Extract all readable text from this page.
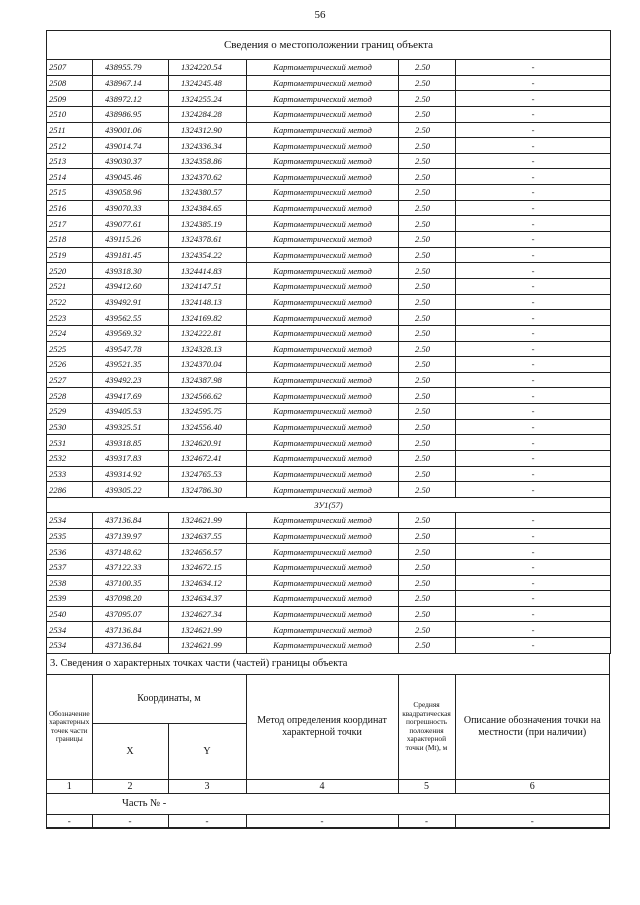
56
Сведения о местоположении границ объекта					
2507	438955.79	1324220.54	Картометрический метод	2.50	-
2508	438967.14	1324245.48	Картометрический метод	2.50	-
2509	438972.12	1324255.24	Картометрический метод	2.50	-
2510	438986.95	1324284.28	Картометрический метод	2.50	-
2511	439001.06	1324312.90	Картометрический метод	2.50	-
2512	439014.74	1324336.34	Картометрический метод	2.50	-
2513	439030.37	1324358.86	Картометрический метод	2.50	-
2514	439045.46	1324370.62	Картометрический метод	2.50	-
2515	439058.96	1324380.57	Картометрический метод	2.50	-
2516	439070.33	1324384.65	Картометрический метод	2.50	-
2517	439077.61	1324385.19	Картометрический метод	2.50	-
2518	439115.26	1324378.61	Картометрический метод	2.50	-
2519	439181.45	1324354.22	Картометрический метод	2.50	-
2520	439318.30	1324414.83	Картометрический метод	2.50	-
2521	439412.60	1324147.51	Картометрический метод	2.50	-
2522	439492.91	1324148.13	Картометрический метод	2.50	-
2523	439562.55	1324169.82	Картометрический метод	2.50	-
2524	439569.32	1324222.81	Картометрический метод	2.50	-
2525	439547.78	1324328.13	Картометрический метод	2.50	-
2526	439521.35	1324370.04	Картометрический метод	2.50	-
2527	439492.23	1324387.98	Картометрический метод	2.50	-
2528	439417.69	1324566.62	Картометрический метод	2.50	-
2529	439405.53	1324595.75	Картометрический метод	2.50	-
2530	439325.51	1324556.40	Картометрический метод	2.50	-
2531	439318.85	1324620.91	Картометрический метод	2.50	-
2532	439317.83	1324672.41	Картометрический метод	2.50	-
2533	439314.92	1324765.53	Картометрический метод	2.50	-
2286	439305.22	1324786.30	Картометрический метод	2.50	-
ЗУ1(57)					
2534	437136.84	1324621.99	Картометрический метод	2.50	-
2535	437139.97	1324637.55	Картометрический метод	2.50	-
2536	437148.62	1324656.57	Картометрический метод	2.50	-
2537	437122.33	1324672.15	Картометрический метод	2.50	-
2538	437100.35	1324634.12	Картометрический метод	2.50	-
2539	437098.20	1324634.37	Картометрический метод	2.50	-
2540	437095.07	1324627.34	Картометрический метод	2.50	-
2534	437136.84	1324621.99	Картометрический метод	2.50	-
2534	437136.84	1324621.99	Картометрический метод	2.50	-
3. Сведения о характерных точках части (частей) границы объекта
Обозначение характерных точек части границы	Координаты, м		Метод определения координат характерной точки	Средняя квадратическая погрешность положения характерной точки (Mt), м	Описание обозначения точки на местности (при наличии)
	X	Y			
1	2	3	4	5	6
	Часть № -				
-	-	-	-	-	-
